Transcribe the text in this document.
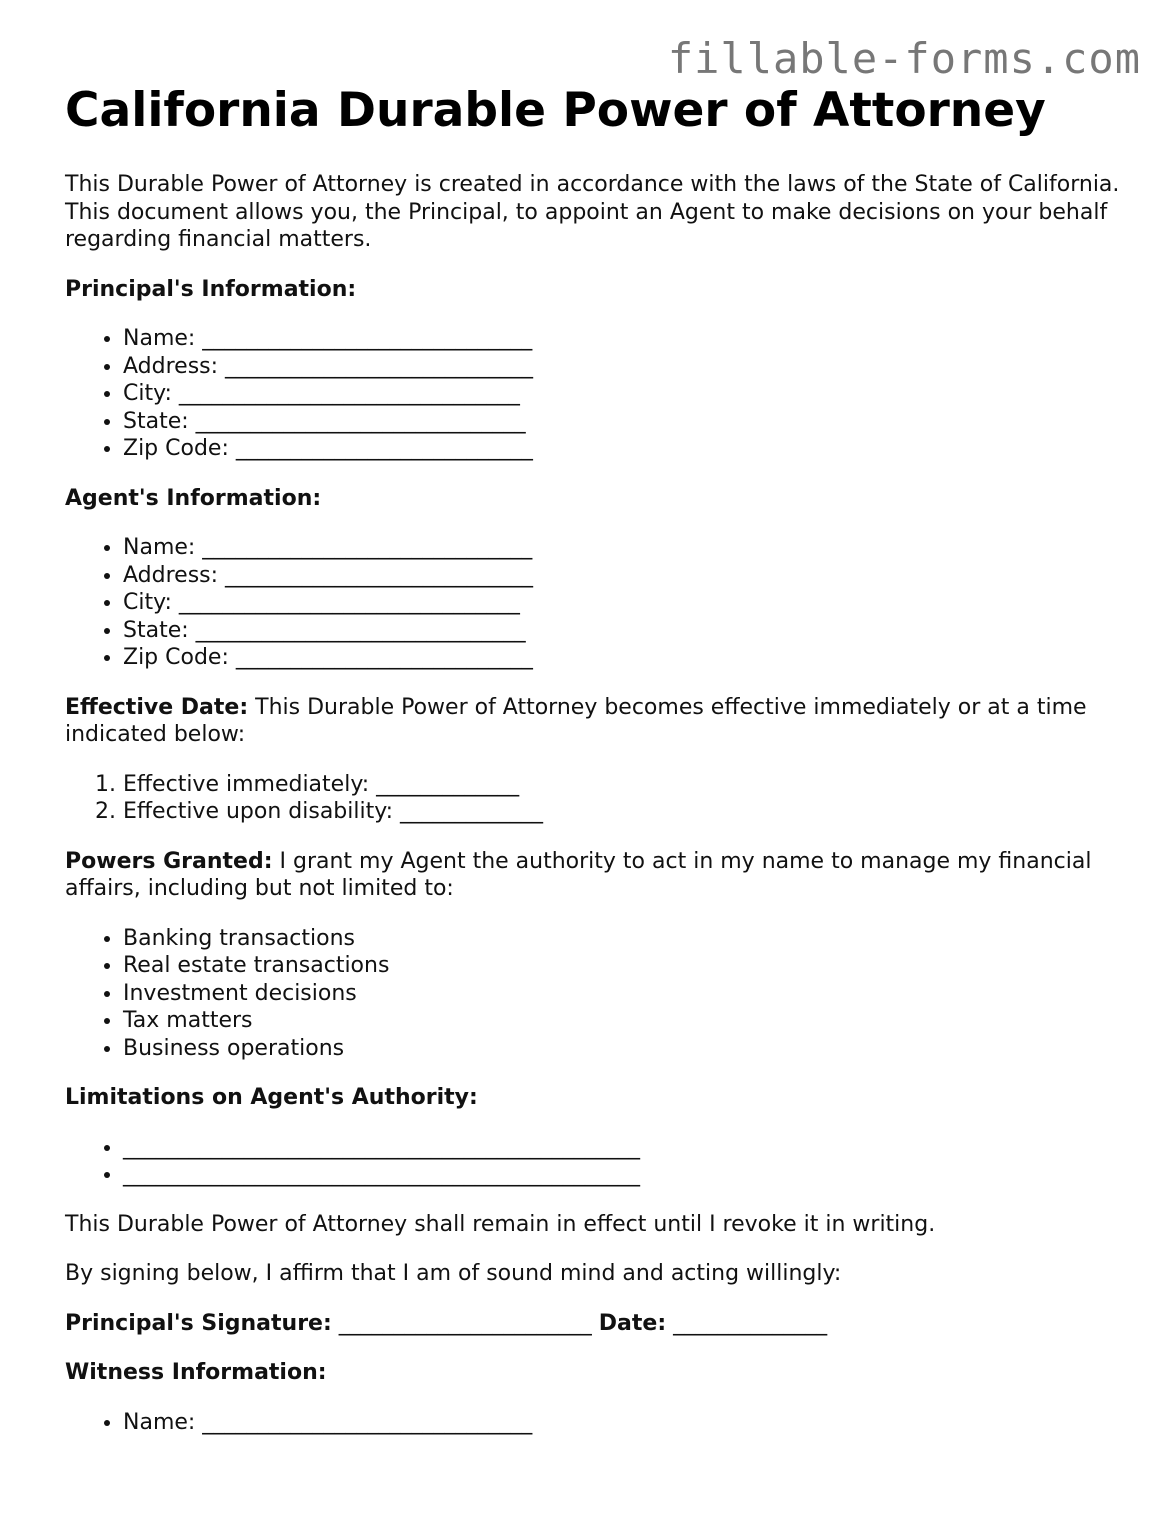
fillable-forms.com
California Durable Power of Attorney

This Durable Power of Attorney is created in accordance with the laws of the State of California. This document allows you, the Principal, to appoint an Agent to make decisions on your behalf regarding financial matters.

Principal's Information:

• Name: ______________________________
• Address: ____________________________
• City: _______________________________
• State: ______________________________
• Zip Code: ___________________________

Agent's Information:

• Name: ______________________________
• Address: ____________________________
• City: _______________________________
• State: ______________________________
• Zip Code: ___________________________

Effective Date: This Durable Power of Attorney becomes effective immediately or at a time indicated below:

1. Effective immediately: _____________
2. Effective upon disability: _____________

Powers Granted: I grant my Agent the authority to act in my name to manage my financial affairs, including but not limited to:

• Banking transactions
• Real estate transactions
• Investment decisions
• Tax matters
• Business operations

Limitations on Agent's Authority:

• _______________________________________________
• _______________________________________________

This Durable Power of Attorney shall remain in effect until I revoke it in writing.

By signing below, I affirm that I am of sound mind and acting willingly:

Principal's Signature: _______________________ Date: ______________

Witness Information:

• Name: ______________________________
